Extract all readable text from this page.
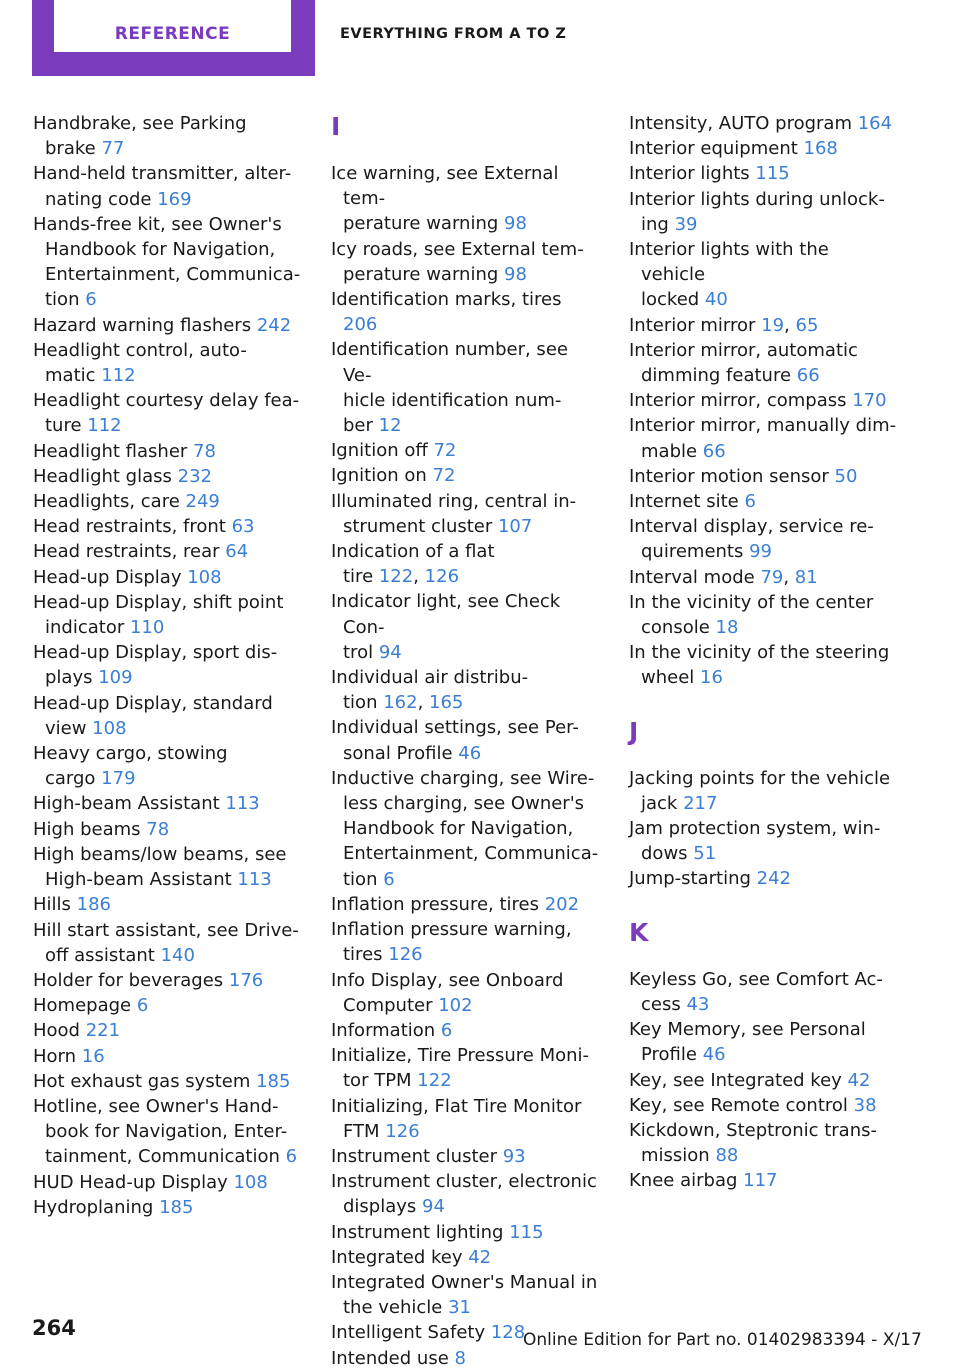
REFERENCE	EVERYTHING FROM A TO Z
Handbrake, see Parking
brake 77
Hand-held transmitter, alter-
nating code 169
Hands-free kit, see Owner's
Handbook for Navigation,
Entertainment, Communica-
tion 6
Hazard warning flashers 242
Headlight control, auto-
matic 112
Headlight courtesy delay fea-
ture 112
Headlight flasher 78
Headlight glass 232
Headlights, care 249
Head restraints, front 63
Head restraints, rear 64
Head-up Display 108
Head-up Display, shift point
indicator 110
Head-up Display, sport dis-
plays 109
Head-up Display, standard
view 108
Heavy cargo, stowing
cargo 179
High-beam Assistant 113
High beams 78
High beams/low beams, see
High-beam Assistant 113
Hills 186
Hill start assistant, see Drive-
off assistant 140
Holder for beverages 176
Homepage 6
Hood 221
Horn 16
Hot exhaust gas system 185
Hotline, see Owner's Hand-
book for Navigation, Enter-
tainment, Communication 6
HUD Head-up Display 108
Hydroplaning 185
I
Ice warning, see External tem-
perature warning 98
Icy roads, see External tem-
perature warning 98
Identification marks, tires 206
Identification number, see Ve-
hicle identification num-
ber 12
Ignition off 72
Ignition on 72
Illuminated ring, central in-
strument cluster 107
Indication of a flat
tire 122, 126
Indicator light, see Check Con-
trol 94
Individual air distribu-
tion 162, 165
Individual settings, see Per-
sonal Profile 46
Inductive charging, see Wire-
less charging, see Owner's
Handbook for Navigation,
Entertainment, Communica-
tion 6
Inflation pressure, tires 202
Inflation pressure warning,
tires 126
Info Display, see Onboard
Computer 102
Information 6
Initialize, Tire Pressure Moni-
tor TPM 122
Initializing, Flat Tire Monitor
FTM 126
Instrument cluster 93
Instrument cluster, electronic
displays 94
Instrument lighting 115
Integrated key 42
Integrated Owner's Manual in
the vehicle 31
Intelligent Safety 128
Intended use 8
Intensity, AUTO program 164
Interior equipment 168
Interior lights 115
Interior lights during unlock-
ing 39
Interior lights with the vehicle
locked 40
Interior mirror 19, 65
Interior mirror, automatic
dimming feature 66
Interior mirror, compass 170
Interior mirror, manually dim-
mable 66
Interior motion sensor 50
Internet site 6
Interval display, service re-
quirements 99
Interval mode 79, 81
In the vicinity of the center
console 18
In the vicinity of the steering
wheel 16
J
Jacking points for the vehicle
jack 217
Jam protection system, win-
dows 51
Jump-starting 242
K
Keyless Go, see Comfort Ac-
cess 43
Key Memory, see Personal
Profile 46
Key, see Integrated key 42
Key, see Remote control 38
Kickdown, Steptronic trans-
mission 88
Knee airbag 117
264	Online Edition for Part no. 01402983394 - X/17
